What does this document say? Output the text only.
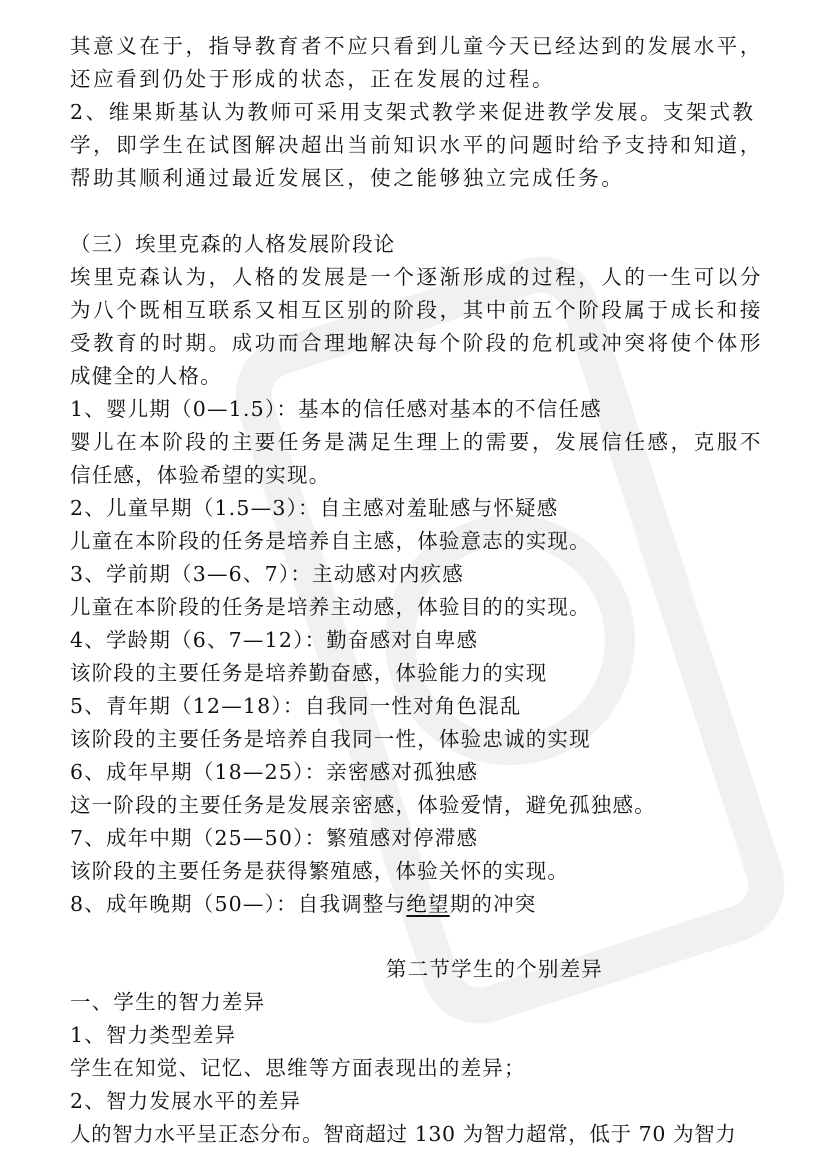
其意义在于，指导教育者不应只看到儿童今天已经达到的发展水平，
还应看到仍处于形成的状态，正在发展的过程。
2、维果斯基认为教师可采用支架式教学来促进教学发展。支架式教
学，即学生在试图解决超出当前知识水平的问题时给予支持和知道，
帮助其顺利通过最近发展区，使之能够独立完成任务。
（三）埃里克森的人格发展阶段论
埃里克森认为，人格的发展是一个逐渐形成的过程，人的一生可以分
为八个既相互联系又相互区别的阶段，其中前五个阶段属于成长和接
受教育的时期。成功而合理地解决每个阶段的危机或冲突将使个体形
成健全的人格。
1、婴儿期（0—1.5）：基本的信任感对基本的不信任感
婴儿在本阶段的主要任务是满足生理上的需要，发展信任感，克服不
信任感，体验希望的实现。
2、儿童早期（1.5—3）：自主感对羞耻感与怀疑感
儿童在本阶段的任务是培养自主感，体验意志的实现。
3、学前期（3—6、7）：主动感对内疚感
儿童在本阶段的任务是培养主动感，体验目的的实现。
4、学龄期（6、7—12）：勤奋感对自卑感
该阶段的主要任务是培养勤奋感，体验能力的实现
5、青年期（12—18）：自我同一性对角色混乱
该阶段的主要任务是培养自我同一性，体验忠诚的实现
6、成年早期（18—25）：亲密感对孤独感
这一阶段的主要任务是发展亲密感，体验爱情，避免孤独感。
7、成年中期（25—50）：繁殖感对停滞感
该阶段的主要任务是获得繁殖感，体验关怀的实现。
8、成年晚期（50—）：自我调整与绝望期的冲突
第二节学生的个别差异
一、学生的智力差异
1、智力类型差异
学生在知觉、记忆、思维等方面表现出的差异；
2、智力发展水平的差异
人的智力水平呈正态分布。智商超过 130 为智力超常，低于 70 为智力
